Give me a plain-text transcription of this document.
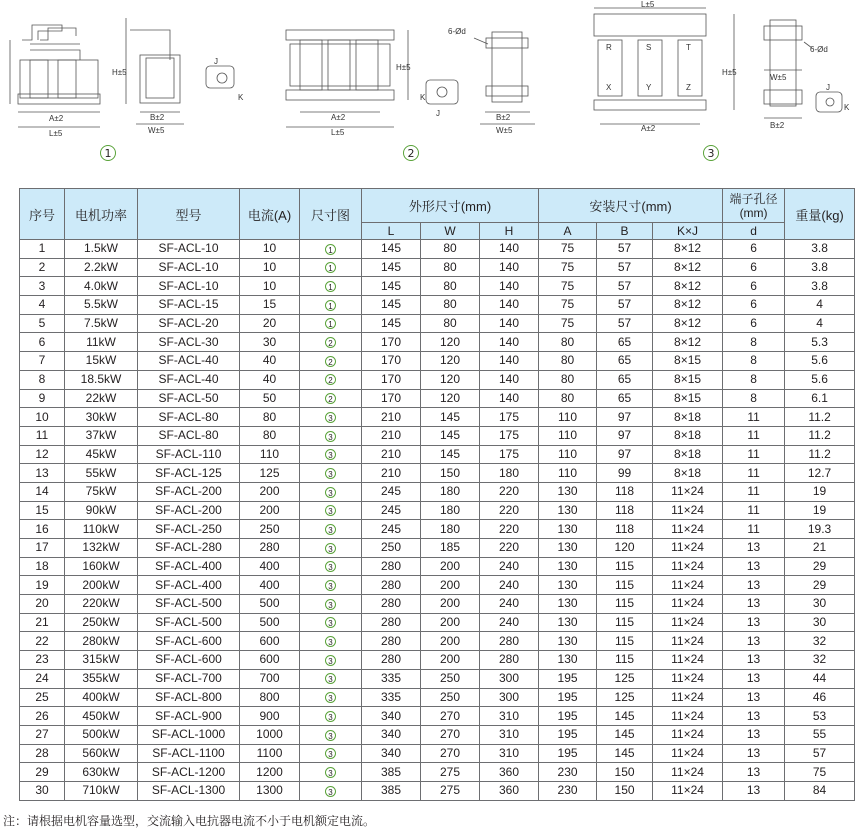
A±2
L±5
H±5
B±2
W±5
J
K
H±5
A±2
L±5
6-Ød
B±2
W±5
K
J
L±5
R	S	T
X	Y	Z
H±5
A±2
6-Ød
W±5
B±2
J
K
1	2	3
序号	电机功率	型号	电流(A)	尺寸图	外形尺寸(mm)			安装尺寸(mm)			端子孔径(mm)	重量(kg)
					L	W	H	A	B	K×J	d	
1	1.5kW	SF-ACL-10	10	1	145	80	140	75	57	8×12	6	3.8
2	2.2kW	SF-ACL-10	10	1	145	80	140	75	57	8×12	6	3.8
3	4.0kW	SF-ACL-10	10	1	145	80	140	75	57	8×12	6	3.8
4	5.5kW	SF-ACL-15	15	1	145	80	140	75	57	8×12	6	4
5	7.5kW	SF-ACL-20	20	1	145	80	140	75	57	8×12	6	4
6	11kW	SF-ACL-30	30	2	170	120	140	80	65	8×12	8	5.3
7	15kW	SF-ACL-40	40	2	170	120	140	80	65	8×15	8	5.6
8	18.5kW	SF-ACL-40	40	2	170	120	140	80	65	8×15	8	5.6
9	22kW	SF-ACL-50	50	2	170	120	140	80	65	8×15	8	6.1
10	30kW	SF-ACL-80	80	3	210	145	175	110	97	8×18	11	11.2
11	37kW	SF-ACL-80	80	3	210	145	175	110	97	8×18	11	11.2
12	45kW	SF-ACL-110	110	3	210	145	175	110	97	8×18	11	11.2
13	55kW	SF-ACL-125	125	3	210	150	180	110	99	8×18	11	12.7
14	75kW	SF-ACL-200	200	3	245	180	220	130	118	11×24	11	19
15	90kW	SF-ACL-200	200	3	245	180	220	130	118	11×24	11	19
16	110kW	SF-ACL-250	250	3	245	180	220	130	118	11×24	11	19.3
17	132kW	SF-ACL-280	280	3	250	185	220	130	120	11×24	13	21
18	160kW	SF-ACL-400	400	3	280	200	240	130	115	11×24	13	29
19	200kW	SF-ACL-400	400	3	280	200	240	130	115	11×24	13	29
20	220kW	SF-ACL-500	500	3	280	200	240	130	115	11×24	13	30
21	250kW	SF-ACL-500	500	3	280	200	240	130	115	11×24	13	30
22	280kW	SF-ACL-600	600	3	280	200	280	130	115	11×24	13	32
23	315kW	SF-ACL-600	600	3	280	200	280	130	115	11×24	13	32
24	355kW	SF-ACL-700	700	3	335	250	300	195	125	11×24	13	44
25	400kW	SF-ACL-800	800	3	335	250	300	195	125	11×24	13	46
26	450kW	SF-ACL-900	900	3	340	270	310	195	145	11×24	13	53
27	500kW	SF-ACL-1000	1000	3	340	270	310	195	145	11×24	13	55
28	560kW	SF-ACL-1100	1100	3	340	270	310	195	145	11×24	13	57
29	630kW	SF-ACL-1200	1200	3	385	275	360	230	150	11×24	13	75
30	710kW	SF-ACL-1300	1300	3	385	275	360	230	150	11×24	13	84
注：请根据电机容量选型，交流输入电抗器电流不小于电机额定电流。
